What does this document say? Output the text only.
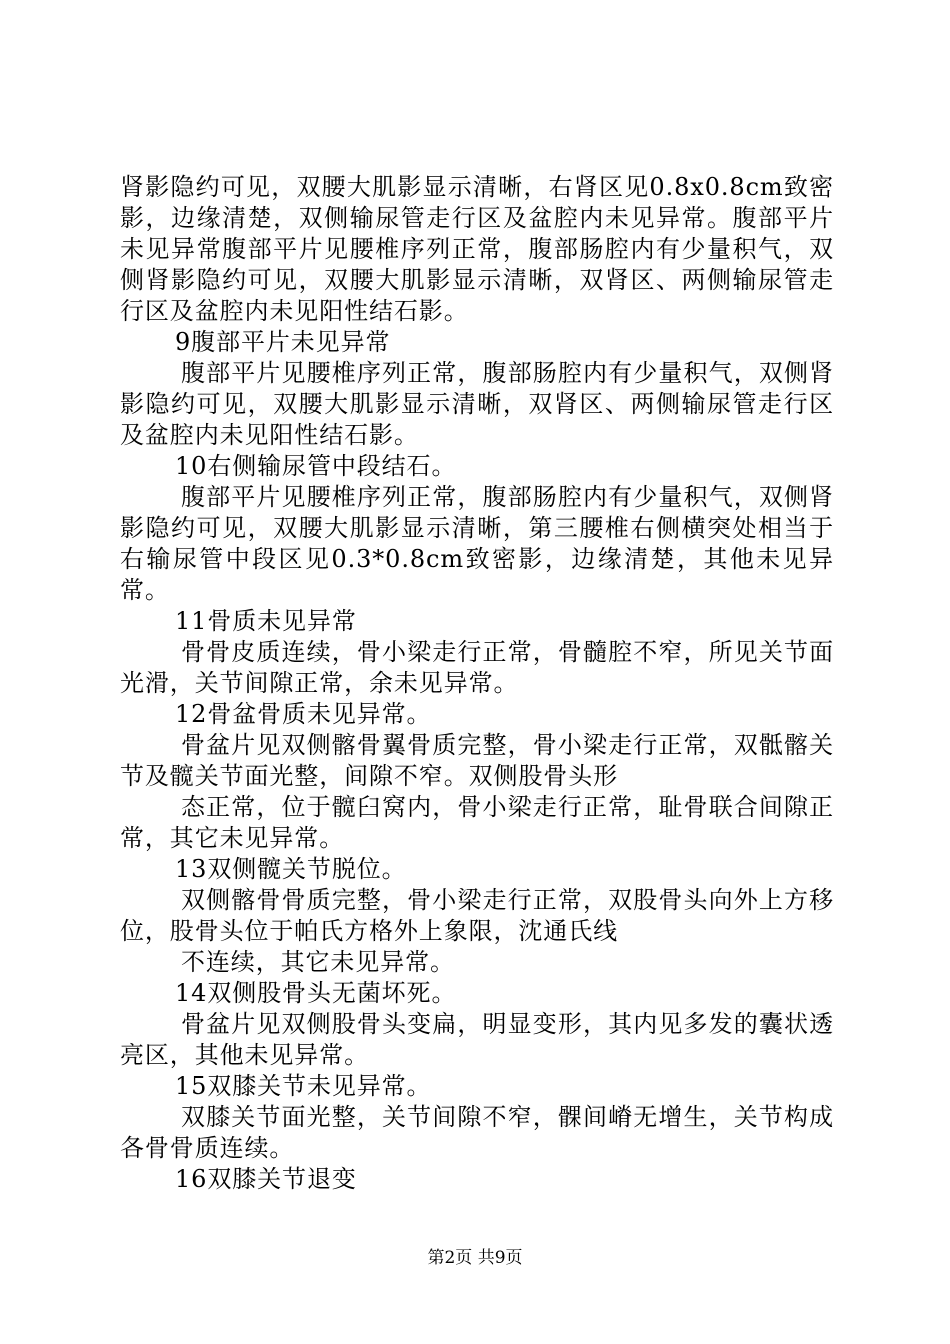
肾影隐约可见，双腰大肌影显示清晰，右肾区见0.8x0.8cm致密影，边缘清楚，双侧输尿管走行区及盆腔内未见异常。腹部平片未见异常腹部平片见腰椎序列正常，腹部肠腔内有少量积气，双侧肾影隐约可见，双腰大肌影显示清晰，双肾区、两侧输尿管走行区及盆腔内未见阳性结石影。

9腹部平片未见异常

腹部平片见腰椎序列正常，腹部肠腔内有少量积气，双侧肾影隐约可见，双腰大肌影显示清晰，双肾区、两侧输尿管走行区及盆腔内未见阳性结石影。

10右侧输尿管中段结石。

腹部平片见腰椎序列正常，腹部肠腔内有少量积气，双侧肾影隐约可见，双腰大肌影显示清晰，第三腰椎右侧横突处相当于右输尿管中段区见0.3*0.8cm致密影，边缘清楚，其他未见异常。

11骨质未见异常

骨骨皮质连续，骨小梁走行正常，骨髓腔不窄，所见关节面光滑，关节间隙正常，余未见异常。

12骨盆骨质未见异常。

骨盆片见双侧髂骨翼骨质完整，骨小梁走行正常，双骶髂关节及髋关节面光整，间隙不窄。双侧股骨头形

态正常，位于髋臼窝内，骨小梁走行正常，耻骨联合间隙正常，其它未见异常。

13双侧髋关节脱位。

双侧髂骨骨质完整，骨小梁走行正常，双股骨头向外上方移位，股骨头位于帕氏方格外上象限，沈通氏线

不连续，其它未见异常。

14双侧股骨头无菌坏死。

骨盆片见双侧股骨头变扁，明显变形，其内见多发的囊状透亮区，其他未见异常。

15双膝关节未见异常。

双膝关节面光整，关节间隙不窄，髁间嵴无增生，关节构成各骨骨质连续。

16双膝关节退变

第2页 共9页
